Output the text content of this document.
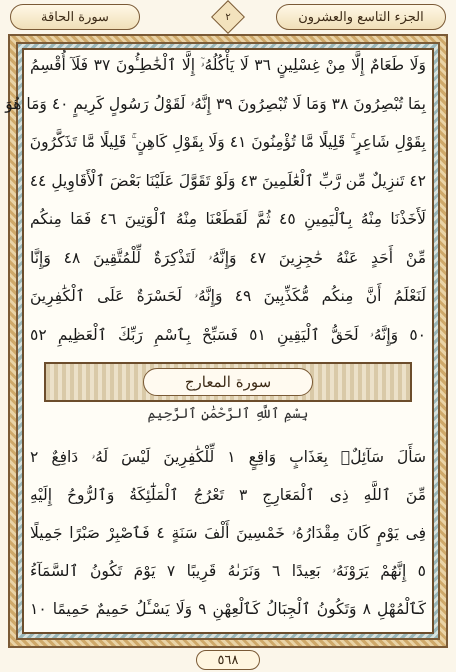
الجزء التاسع والعشرون
٢
سورة الحاقة
وَلَا طَعَامٌ إِلَّا مِنْ غِسْلِينٍ ٣٦ لَا يَأْكُلُهُۥٓ إِلَّا ٱلْخَٰطِـُٔونَ ٣٧ فَلَآ أُقْسِمُ
بِمَا تُبْصِرُونَ ٣٨ وَمَا لَا تُبْصِرُونَ ٣٩ إِنَّهُۥ لَقَوْلُ رَسُولٍ كَرِيمٍ ٤٠ وَمَا هُوَ
بِقَوْلِ شَاعِرٍ ۚ قَلِيلًا مَّا تُؤْمِنُونَ ٤١ وَلَا بِقَوْلِ كَاهِنٍ ۚ قَلِيلًا مَّا تَذَكَّرُونَ
٤٢ تَنزِيلٌ مِّن رَّبِّ ٱلْعَٰلَمِينَ ٤٣ وَلَوْ تَقَوَّلَ عَلَيْنَا بَعْضَ ٱلْأَقَاوِيلِ ٤٤
لَأَخَذْنَا مِنْهُ بِٱلْيَمِينِ ٤٥ ثُمَّ لَقَطَعْنَا مِنْهُ ٱلْوَتِينَ ٤٦ فَمَا مِنكُم
مِّنْ أَحَدٍ عَنْهُ حَٰجِزِينَ ٤٧ وَإِنَّهُۥ لَتَذْكِرَةٌ لِّلْمُتَّقِينَ ٤٨ وَإِنَّا
لَنَعْلَمُ أَنَّ مِنكُم مُّكَذِّبِينَ ٤٩ وَإِنَّهُۥ لَحَسْرَةٌ عَلَى ٱلْكَٰفِرِينَ
٥٠ وَإِنَّهُۥ لَحَقُّ ٱلْيَقِينِ ٥١ فَسَبِّحْ بِٱسْمِ رَبِّكَ ٱلْعَظِيمِ ٥٢
سورة المعارج
بِسْمِ ٱللَّهِ ٱلرَّحْمَٰنِ ٱلرَّحِيمِ
سَأَلَ سَآئِلٌۢ بِعَذَابٍ وَاقِعٍ ١ لِّلْكَٰفِرِينَ لَيْسَ لَهُۥ دَافِعٌ ٢
مِّنَ ٱللَّهِ ذِى ٱلْمَعَارِجِ ٣ تَعْرُجُ ٱلْمَلَٰٓئِكَةُ وَٱلرُّوحُ إِلَيْهِ
فِى يَوْمٍ كَانَ مِقْدَارُهُۥ خَمْسِينَ أَلْفَ سَنَةٍ ٤ فَٱصْبِرْ صَبْرًا جَمِيلًا
٥ إِنَّهُمْ يَرَوْنَهُۥ بَعِيدًا ٦ وَنَرَىٰهُ قَرِيبًا ٧ يَوْمَ تَكُونُ ٱلسَّمَآءُ
كَٱلْمُهْلِ ٨ وَتَكُونُ ٱلْجِبَالُ كَٱلْعِهْنِ ٩ وَلَا يَسْـَٔلُ حَمِيمٌ حَمِيمًا ١٠
٥٦٨
